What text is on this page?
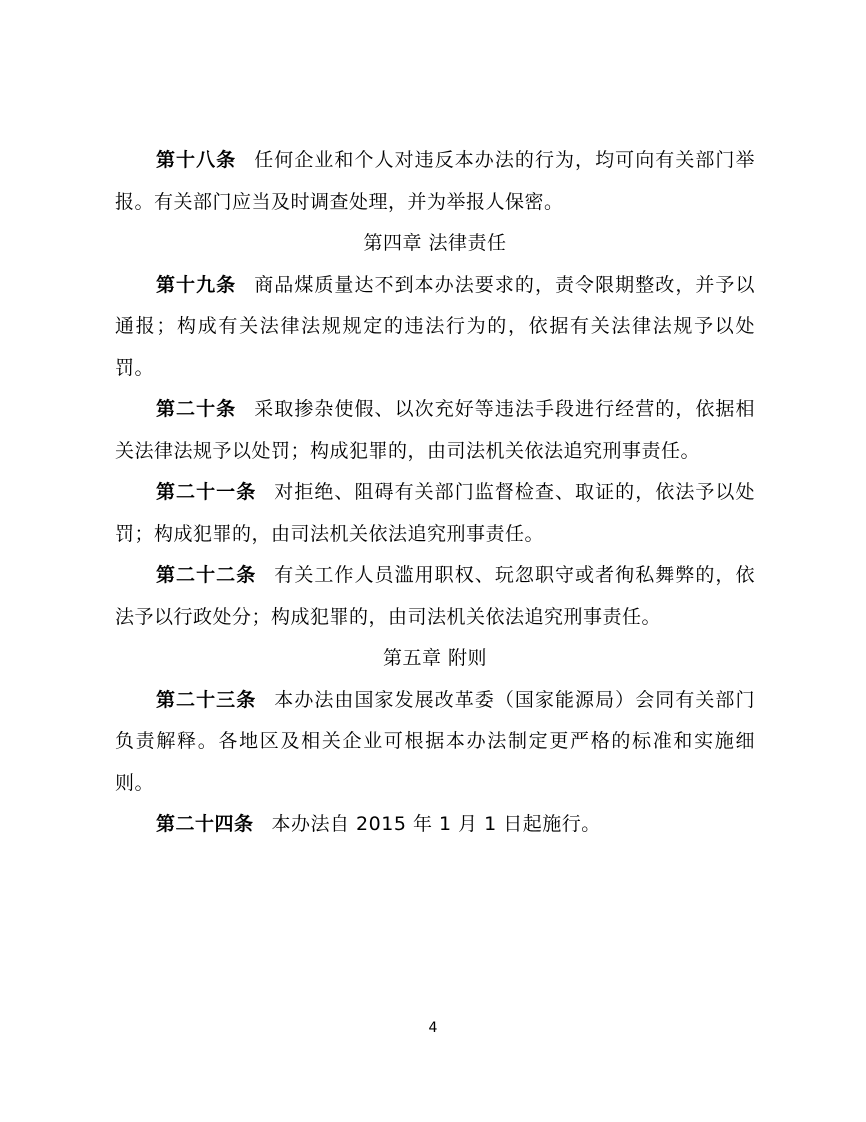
第十八条 任何企业和个人对违反本办法的行为，均可向有关部门举报。有关部门应当及时调查处理，并为举报人保密。

第四章 法律责任

第十九条 商品煤质量达不到本办法要求的，责令限期整改，并予以通报；构成有关法律法规规定的违法行为的，依据有关法律法规予以处罚。

第二十条 采取掺杂使假、以次充好等违法手段进行经营的，依据相关法律法规予以处罚；构成犯罪的，由司法机关依法追究刑事责任。

第二十一条 对拒绝、阻碍有关部门监督检查、取证的，依法予以处罚；构成犯罪的，由司法机关依法追究刑事责任。

第二十二条 有关工作人员滥用职权、玩忽职守或者徇私舞弊的，依法予以行政处分；构成犯罪的，由司法机关依法追究刑事责任。

第五章 附则

第二十三条 本办法由国家发展改革委（国家能源局）会同有关部门负责解释。各地区及相关企业可根据本办法制定更严格的标准和实施细则。

第二十四条 本办法自 2015 年 1 月 1 日起施行。

4
